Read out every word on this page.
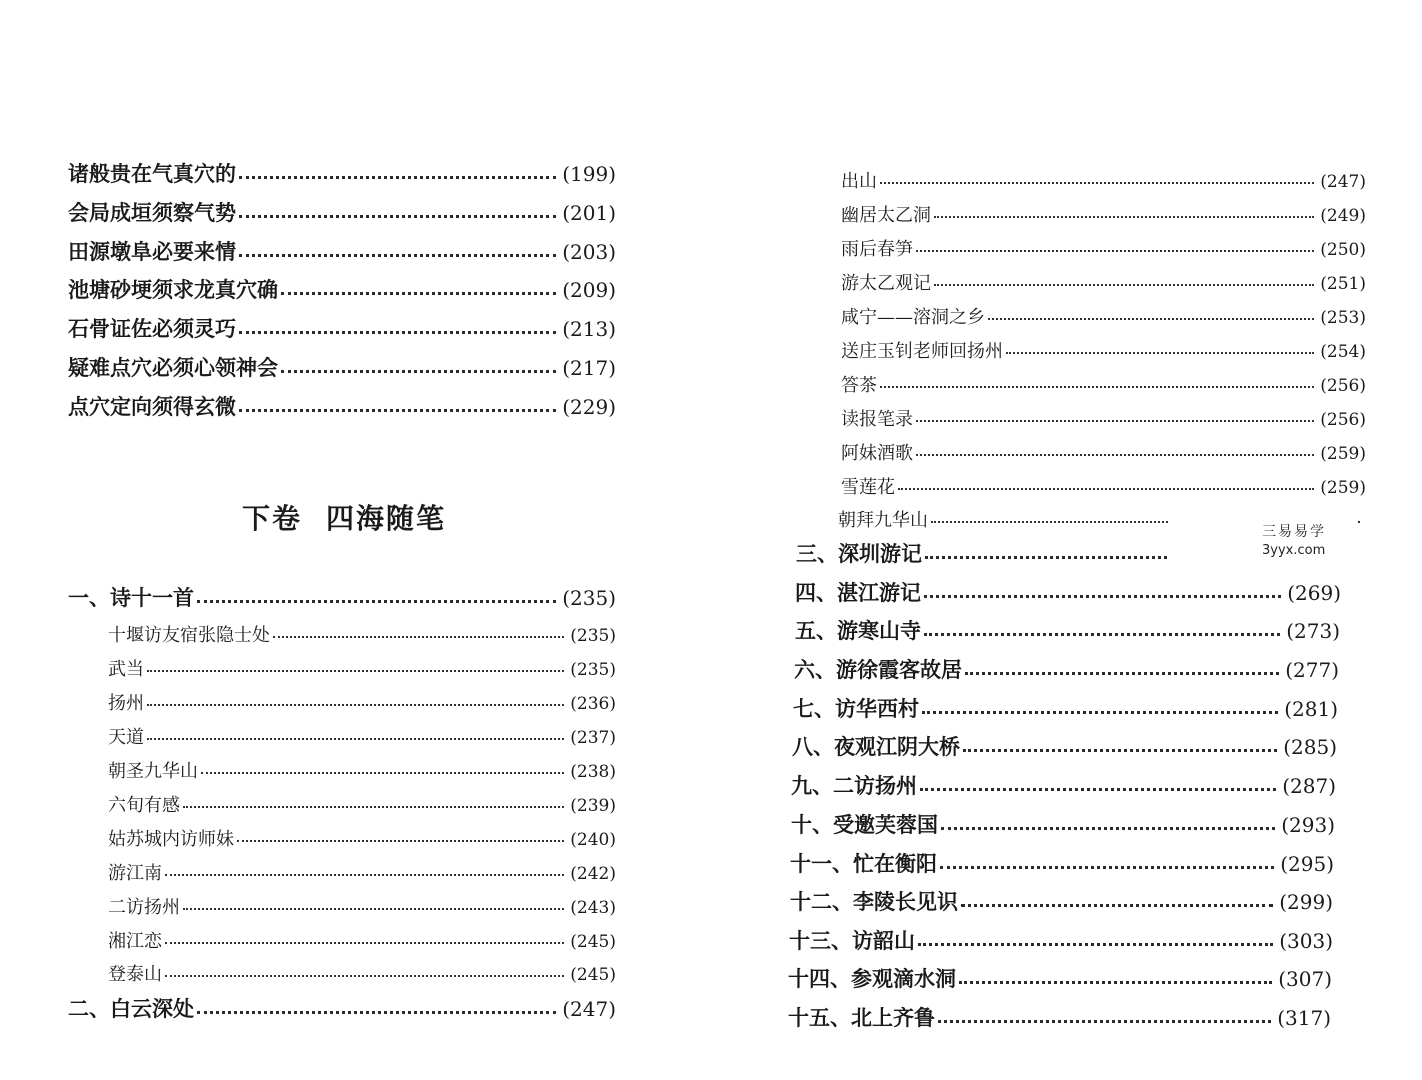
诸般贵在气真穴的	(199)
会局成垣须察气势	(201)
田源墩阜必要来情	(203)
池塘砂埂须求龙真穴确	(209)
石骨证佐必须灵巧	(213)
疑难点穴必须心领神会	(217)
点穴定向须得玄微	(229)
下卷 四海随笔
一、诗十一首	(235)
十堰访友宿张隐士处	(235)
武当	(235)
扬州	(236)
天道	(237)
朝圣九华山	(238)
六旬有感	(239)
姑苏城内访师妹	(240)
游江南	(242)
二访扬州	(243)
湘江恋	(245)
登泰山	(245)
二、白云深处	(247)
出山	(247)
幽居太乙洞	(249)
雨后春笋	(250)
游太乙观记	(251)
咸宁——溶洞之乡	(253)
送庄玉钊老师回扬州	(254)
答茶	(256)
读报笔录	(256)
阿妹酒歌	(259)
雪莲花	(259)
朝拜九华山
三、深圳游记
四、湛江游记	(269)
五、游寒山寺	(273)
六、游徐霞客故居	(277)
七、访华西村	(281)
八、夜观江阴大桥	(285)
九、二访扬州	(287)
十、受邀芙蓉国	(293)
十一、忙在衡阳	(295)
十二、李陵长见识	(299)
十三、访韶山	(303)
十四、参观滴水洞	(307)
十五、北上齐鲁	(317)
三易易学
3yyx.com
